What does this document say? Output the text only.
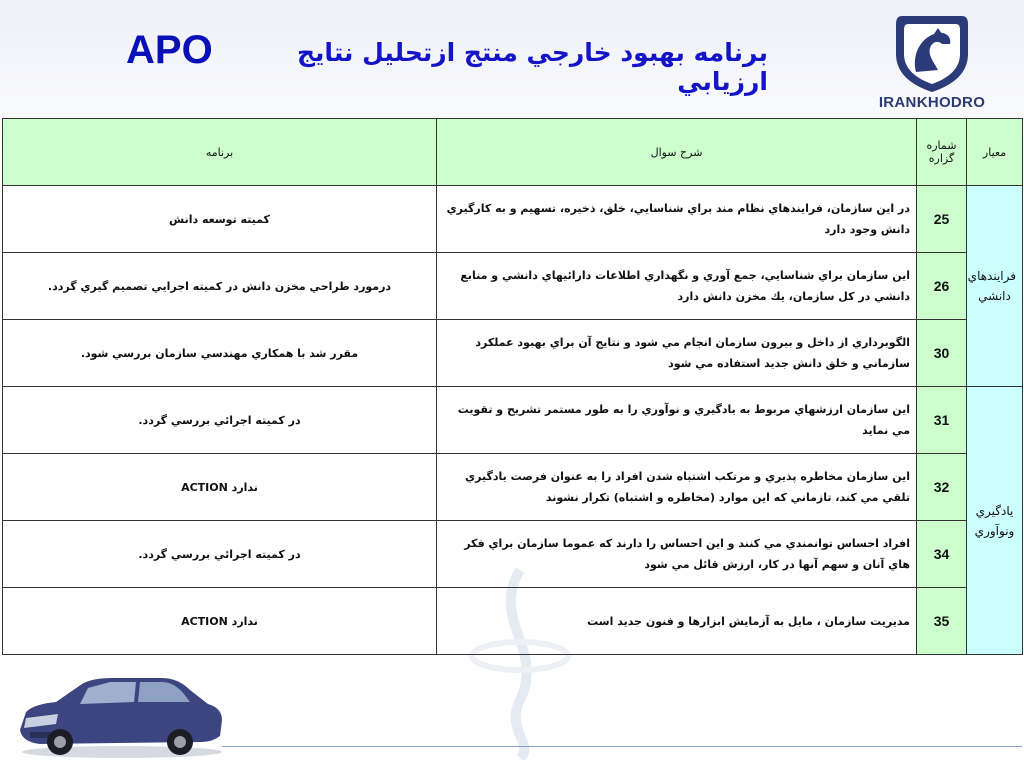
APO	برنامه بهبود خارجي منتج ازتحليل نتايج ارزيابي
IRANKHODRO
معيار	شماره گزاره	شرح سوال	برنامه
فرايندهاي دانشي	25	در اين سازمان، فرايندهاي نظام مند براي شناسايي، خلق، ذخيره، تسهيم و به كارگيري دانش وجود دارد	كميته توسعه دانش
	26	اين سازمان براي شناسايي، جمع آوري و نگهداري اطلاعات دارائيهاي دانشي و منابع دانشي در كل سازمان، يك مخزن دانش دارد	درمورد طراحي مخزن دانش در كميته اجرايي تصميم گيري گردد.
	30	الگوبرداري از داخل و بيرون سازمان انجام مي شود و نتايج آن براي بهبود عملكرد سازماني و خلق دانش جديد استفاده مي شود	مقرر شد با همكاري مهندسي سازمان بررسي شود.
يادگيري ونوآوري	31	اين سازمان ارزشهاي مربوط به يادگيري و نوآوري را به طور مستمر تشريح و تقويت مي نمايد	در كميته اجرائي بررسي گردد.
	32	اين سازمان مخاطره پذيري و مرتكب اشتباه شدن افراد را به عنوان فرصت يادگيري تلقي مي كند، تازماني كه اين موارد (مخاطره و اشتباه) تكرار نشوند	ندارد ACTION
	34	افراد احساس توانمندي مي كنند و اين احساس را دارند كه عموما سازمان براي فكر هاي آنان و سهم آنها در كار، ارزش قائل مي شود	در كميته اجرائي بررسي گردد.
	35	مديريت سازمان ، مايل به آزمايش ابزارها و فنون جديد است	ندارد ACTION
